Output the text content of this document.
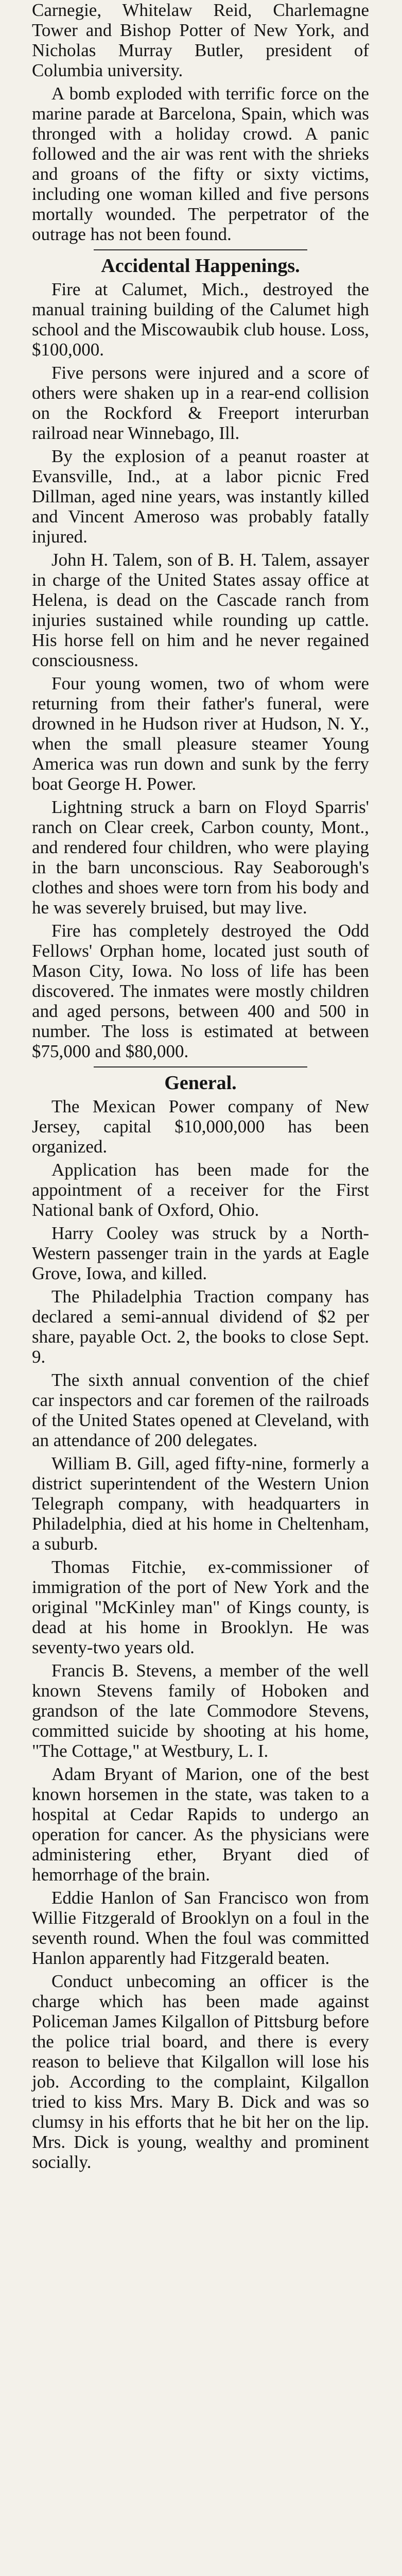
Carnegie, Whitelaw Reid, Charlemagne Tower and Bishop Potter of New York, and Nicholas Murray Butler, president of Columbia university.

A bomb exploded with terrific force on the marine parade at Barcelona, Spain, which was thronged with a holiday crowd. A panic followed and the air was rent with the shrieks and groans of the fifty or sixty victims, including one woman killed and five persons mortally wounded. The perpetrator of the outrage has not been found.

Accidental Happenings.

Fire at Calumet, Mich., destroyed the manual training building of the Calumet high school and the Miscowaubik club house. Loss, $100,000.

Five persons were injured and a score of others were shaken up in a rear-end collision on the Rockford & Freeport interurban railroad near Winnebago, Ill.

By the explosion of a peanut roaster at Evansville, Ind., at a labor picnic Fred Dillman, aged nine years, was instantly killed and Vincent Ameroso was probably fatally injured.

John H. Talem, son of B. H. Talem, assayer in charge of the United States assay office at Helena, is dead on the Cascade ranch from injuries sustained while rounding up cattle. His horse fell on him and he never regained consciousness.

Four young women, two of whom were returning from their father's funeral, were drowned in he Hudson river at Hudson, N. Y., when the small pleasure steamer Young America was run down and sunk by the ferry boat George H. Power.

Lightning struck a barn on Floyd Sparris' ranch on Clear creek, Carbon county, Mont., and rendered four children, who were playing in the barn unconscious. Ray Seaborough's clothes and shoes were torn from his body and he was severely bruised, but may live.

Fire has completely destroyed the Odd Fellows' Orphan home, located just south of Mason City, Iowa. No loss of life has been discovered. The inmates were mostly children and aged persons, between 400 and 500 in number. The loss is estimated at between $75,000 and $80,000.

General.

The Mexican Power company of New Jersey, capital $10,000,000 has been organized.

Application has been made for the appointment of a receiver for the First National bank of Oxford, Ohio.

Harry Cooley was struck by a North-Western passenger train in the yards at Eagle Grove, Iowa, and killed.

The Philadelphia Traction company has declared a semi-annual dividend of $2 per share, payable Oct. 2, the books to close Sept. 9.

The sixth annual convention of the chief car inspectors and car foremen of the railroads of the United States opened at Cleveland, with an attendance of 200 delegates.

William B. Gill, aged fifty-nine, formerly a district superintendent of the Western Union Telegraph company, with headquarters in Philadelphia, died at his home in Cheltenham, a suburb.

Thomas Fitchie, ex-commissioner of immigration of the port of New York and the original "McKinley man" of Kings county, is dead at his home in Brooklyn. He was seventy-two years old.

Francis B. Stevens, a member of the well known Stevens family of Hoboken and grandson of the late Commodore Stevens, committed suicide by shooting at his home, "The Cottage," at Westbury, L. I.

Adam Bryant of Marion, one of the best known horsemen in the state, was taken to a hospital at Cedar Rapids to undergo an operation for cancer. As the physicians were administering ether, Bryant died of hemorrhage of the brain.

Eddie Hanlon of San Francisco won from Willie Fitzgerald of Brooklyn on a foul in the seventh round. When the foul was committed Hanlon apparently had Fitzgerald beaten.

Conduct unbecoming an officer is the charge which has been made against Policeman James Kilgallon of Pittsburg before the police trial board, and there is every reason to believe that Kilgallon will lose his job. According to the complaint, Kilgallon tried to kiss Mrs. Mary B. Dick and was so clumsy in his efforts that he bit her on the lip. Mrs. Dick is young, wealthy and prominent socially.
